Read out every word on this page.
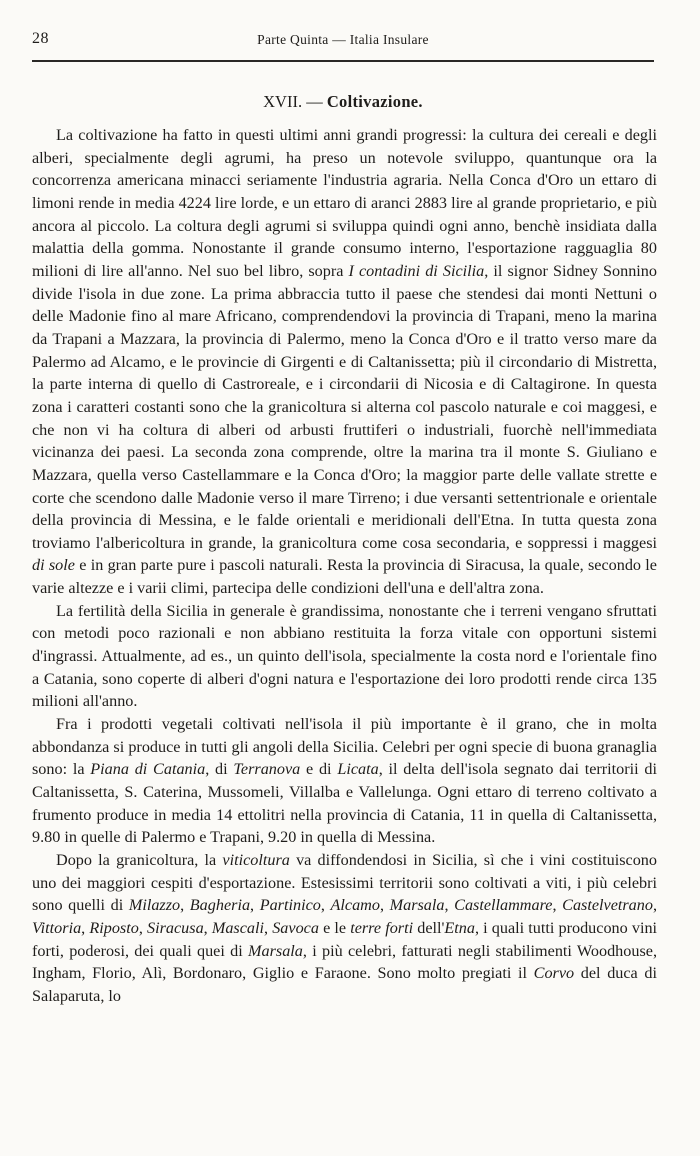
28	Parte Quinta — Italia Insulare
XVII. — Coltivazione.

La coltivazione ha fatto in questi ultimi anni grandi progressi: la cultura dei cereali e degli alberi, specialmente degli agrumi, ha preso un notevole sviluppo, quantunque ora la concorrenza americana minacci seriamente l'industria agraria. Nella Conca d'Oro un ettaro di limoni rende in media 4224 lire lorde, e un ettaro di aranci 2883 lire al grande proprietario, e più ancora al piccolo. La coltura degli agrumi si sviluppa quindi ogni anno, benchè insidiata dalla malattia della gomma. Nonostante il grande consumo interno, l'esportazione ragguaglia 80 milioni di lire all'anno. Nel suo bel libro, sopra I contadini di Sicilia, il signor Sidney Sonnino divide l'isola in due zone. La prima abbraccia tutto il paese che stendesi dai monti Nettuni o delle Madonie fino al mare Africano, comprendendovi la provincia di Trapani, meno la marina da Trapani a Mazzara, la provincia di Palermo, meno la Conca d'Oro e il tratto verso mare da Palermo ad Alcamo, e le provincie di Girgenti e di Caltanissetta; più il circondario di Mistretta, la parte interna di quello di Castroreale, e i circondarii di Nicosia e di Caltagirone. In questa zona i caratteri costanti sono che la granicoltura si alterna col pascolo naturale e coi maggesi, e che non vi ha coltura di alberi od arbusti fruttiferi o industriali, fuorchè nell'immediata vicinanza dei paesi. La seconda zona comprende, oltre la marina tra il monte S. Giuliano e Mazzara, quella verso Castellammare e la Conca d'Oro; la maggior parte delle vallate strette e corte che scendono dalle Madonie verso il mare Tirreno; i due versanti settentrionale e orientale della provincia di Messina, e le falde orientali e meridionali dell'Etna. In tutta questa zona troviamo l'albericoltura in grande, la granicoltura come cosa secondaria, e soppressi i maggesi di sole e in gran parte pure i pascoli naturali. Resta la provincia di Siracusa, la quale, secondo le varie altezze e i varii climi, partecipa delle condizioni dell'una e dell'altra zona.

La fertilità della Sicilia in generale è grandissima, nonostante che i terreni vengano sfruttati con metodi poco razionali e non abbiano restituita la forza vitale con opportuni sistemi d'ingrassi. Attualmente, ad es., un quinto dell'isola, specialmente la costa nord e l'orientale fino a Catania, sono coperte di alberi d'ogni natura e l'esportazione dei loro prodotti rende circa 135 milioni all'anno.

Fra i prodotti vegetali coltivati nell'isola il più importante è il grano, che in molta abbondanza si produce in tutti gli angoli della Sicilia. Celebri per ogni specie di buona granaglia sono: la Piana di Catania, di Terranova e di Licata, il delta dell'isola segnato dai territorii di Caltanissetta, S. Caterina, Mussomeli, Villalba e Vallelunga. Ogni ettaro di terreno coltivato a frumento produce in media 14 ettolitri nella provincia di Catania, 11 in quella di Caltanissetta, 9.80 in quelle di Palermo e Trapani, 9.20 in quella di Messina.

Dopo la granicoltura, la viticoltura va diffondendosi in Sicilia, sì che i vini costituiscono uno dei maggiori cespiti d'esportazione. Estesissimi territorii sono coltivati a viti, i più celebri sono quelli di Milazzo, Bagheria, Partinico, Alcamo, Marsala, Castellammare, Castelvetrano, Vittoria, Riposto, Siracusa, Mascali, Savoca e le terre forti dell'Etna, i quali tutti producono vini forti, poderosi, dei quali quei di Marsala, i più celebri, fatturati negli stabilimenti Woodhouse, Ingham, Florio, Alì, Bordonaro, Giglio e Faraone. Sono molto pregiati il Corvo del duca di Salaparuta, lo
